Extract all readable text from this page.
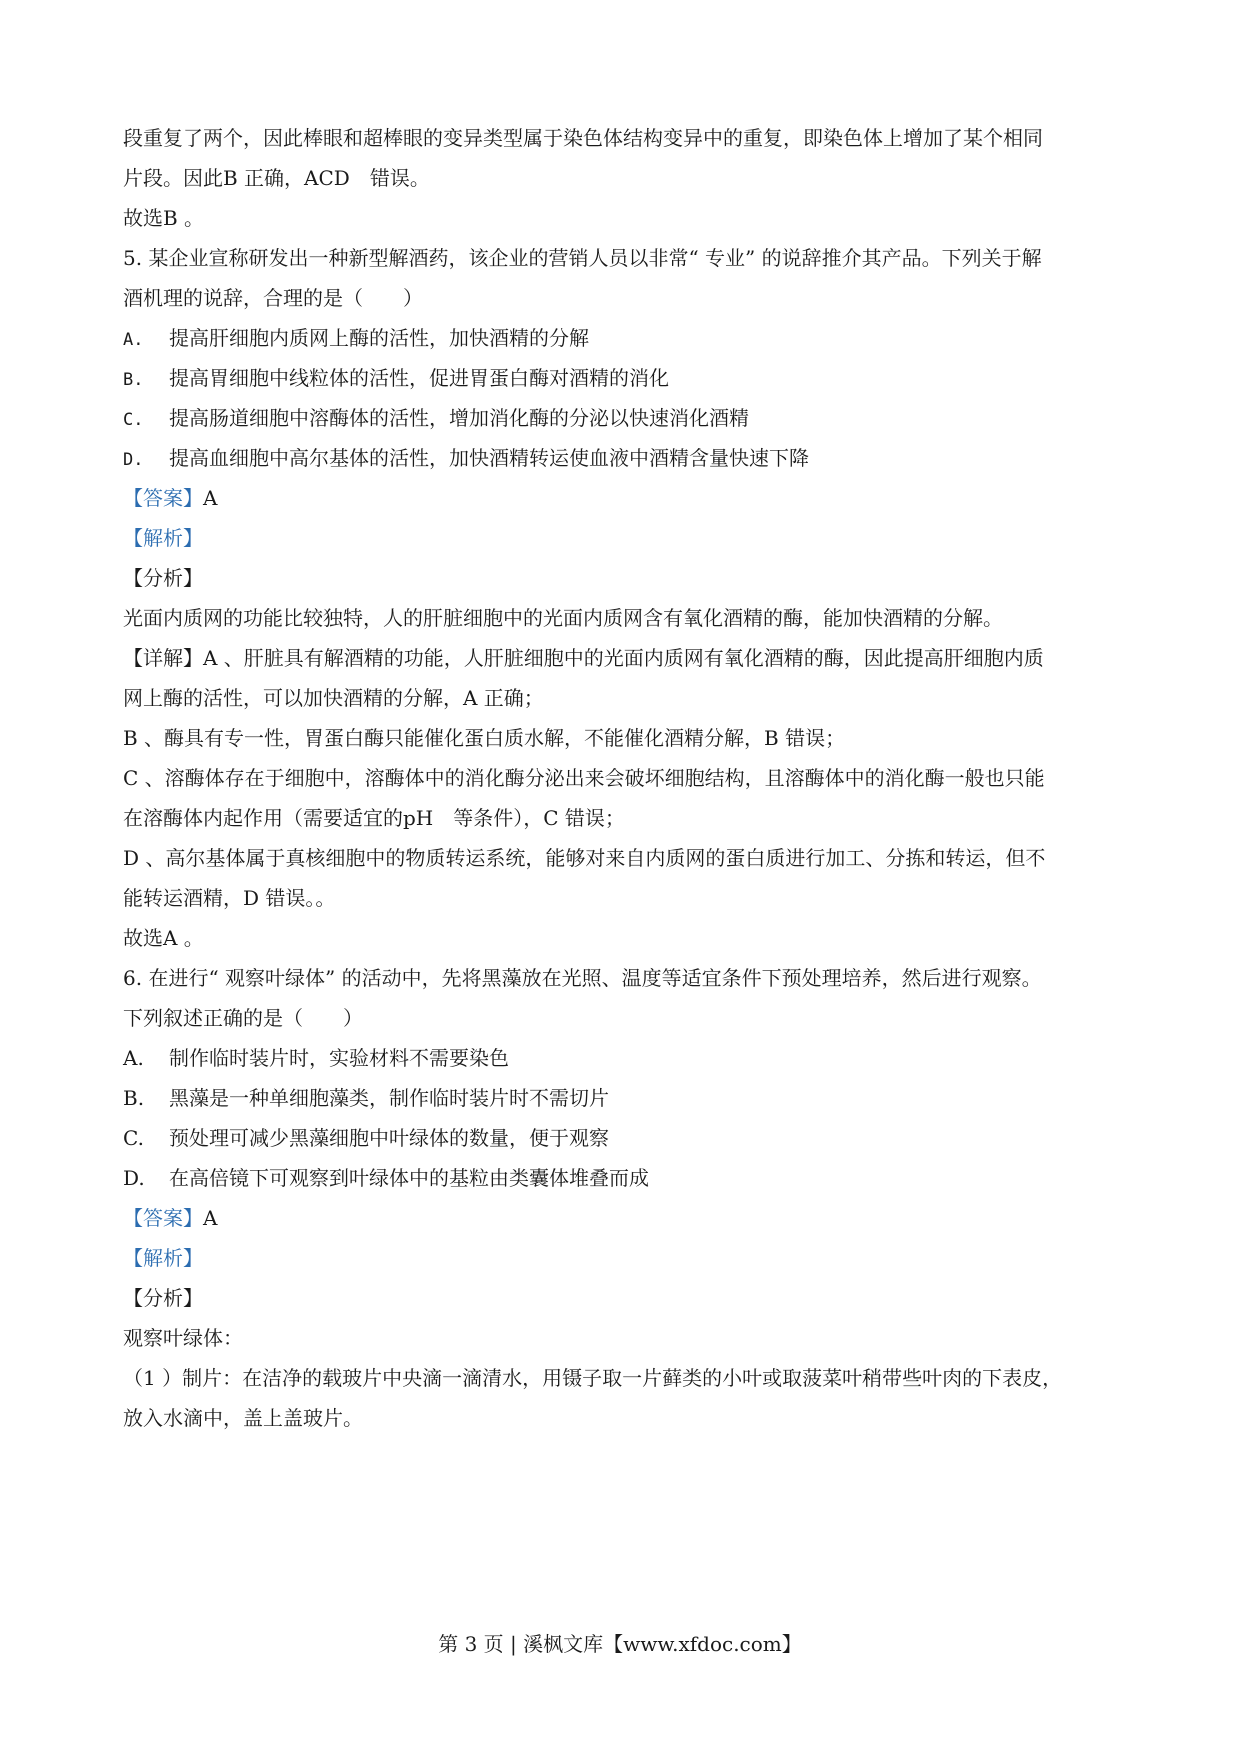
段重复了两个，因此棒眼和超棒眼的变异类型属于染色体结构变异中的重复，即染色体上增加了某个相同
片段。因此B 正确，ACD　错误。
故选B 。
5. 某企业宣称研发出一种新型解酒药，该企业的营销人员以非常“ 专业” 的说辞推介其产品。下列关于解
酒机理的说辞，合理的是（　　）
A. 提高肝细胞内质网上酶的活性，加快酒精的分解
B. 提高胃细胞中线粒体的活性，促进胃蛋白酶对酒精的消化
C. 提高肠道细胞中溶酶体的活性，增加消化酶的分泌以快速消化酒精
D. 提高血细胞中高尔基体的活性，加快酒精转运使血液中酒精含量快速下降
【答案】A
【解析】
【分析】
光面内质网的功能比较独特，人的肝脏细胞中的光面内质网含有氧化酒精的酶，能加快酒精的分解。
【详解】A 、肝脏具有解酒精的功能，人肝脏细胞中的光面内质网有氧化酒精的酶，因此提高肝细胞内质
网上酶的活性，可以加快酒精的分解，A 正确；
B 、酶具有专一性，胃蛋白酶只能催化蛋白质水解，不能催化酒精分解，B 错误；
C 、溶酶体存在于细胞中，溶酶体中的消化酶分泌出来会破坏细胞结构，且溶酶体中的消化酶一般也只能
在溶酶体内起作用（需要适宜的pH　等条件），C 错误；
D 、高尔基体属于真核细胞中的物质转运系统，能够对来自内质网的蛋白质进行加工、分拣和转运，但不
能转运酒精，D 错误。。
故选A 。
6. 在进行“ 观察叶绿体” 的活动中，先将黑藻放在光照、温度等适宜条件下预处理培养，然后进行观察。
下列叙述正确的是（　　）
A. 制作临时装片时，实验材料不需要染色
B. 黑藻是一种单细胞藻类，制作临时装片时不需切片
C. 预处理可减少黑藻细胞中叶绿体的数量，便于观察
D. 在高倍镜下可观察到叶绿体中的基粒由类囊体堆叠而成
【答案】A
【解析】
【分析】
观察叶绿体：
（1 ）制片：在洁净的载玻片中央滴一滴清水，用镊子取一片藓类的小叶或取菠菜叶稍带些叶肉的下表皮，
放入水滴中，盖上盖玻片。
第 3 页 | 溪枫文库【www.xfdoc.com】
